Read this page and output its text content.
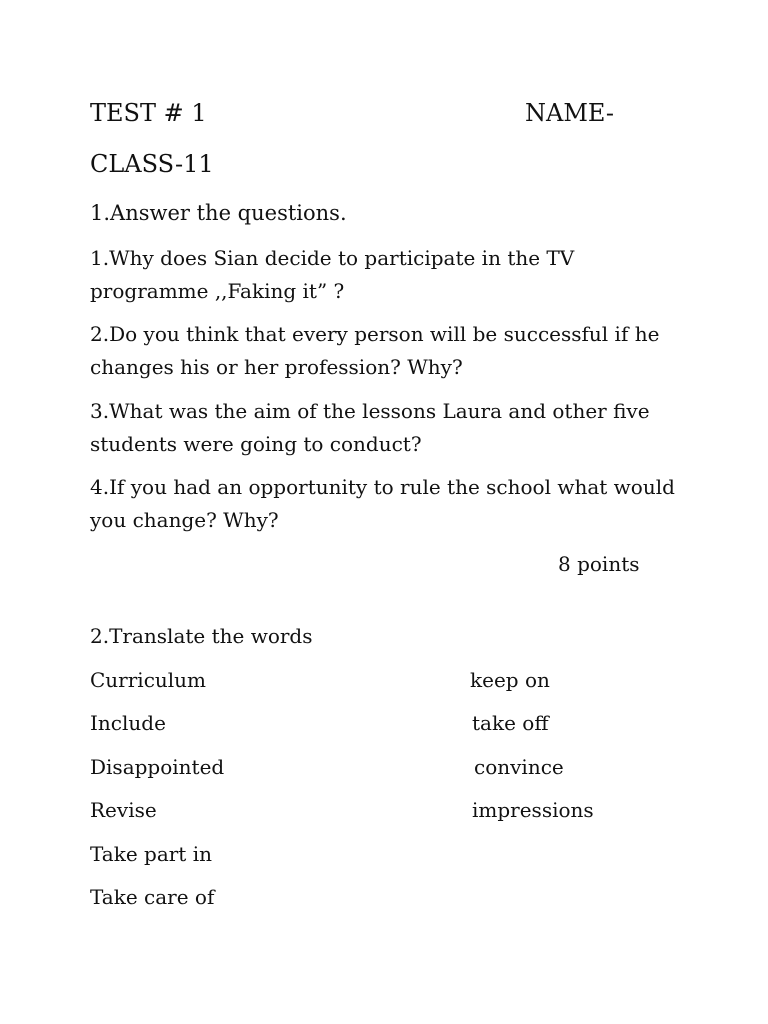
TEST # 1	NAME-
CLASS-11
1.Answer the questions.
1.Why does Sian decide to participate in the TV
programme ,,Faking it” ?
2.Do you think that every person will be successful if he
changes his or her profession? Why?
3.What was the aim of the lessons Laura and other five
students were going to conduct?
4.If you had an opportunity to rule the school what would
you change? Why?
8 points
2.Translate the words
Curriculum
Include
Disappointed
Revise
Take part in
Take care of
keep on
take off
convince
impressions
